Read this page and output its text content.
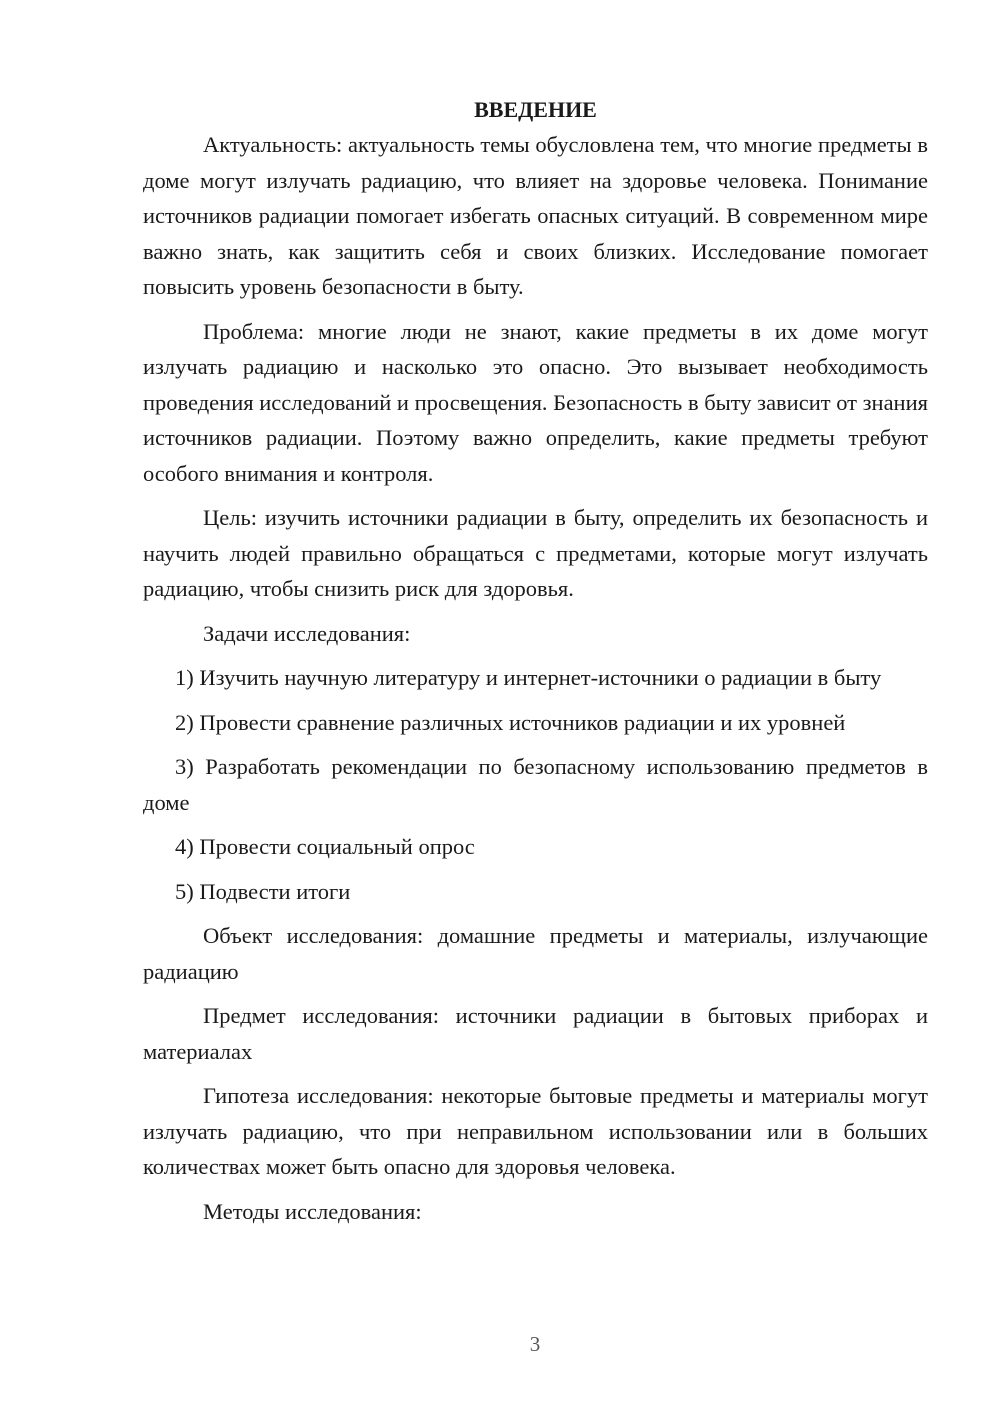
ВВЕДЕНИЕ

Актуальность: актуальность темы обусловлена тем, что многие предметы в доме могут излучать радиацию, что влияет на здоровье человека. Понимание источников радиации помогает избегать опасных ситуаций. В современном мире важно знать, как защитить себя и своих близких. Исследование помогает повысить уровень безопасности в быту.

Проблема: многие люди не знают, какие предметы в их доме могут излучать радиацию и насколько это опасно. Это вызывает необходимость проведения исследований и просвещения. Безопасность в быту зависит от знания источников радиации. Поэтому важно определить, какие предметы требуют особого внимания и контроля.

Цель: изучить источники радиации в быту, определить их безопасность и научить людей правильно обращаться с предметами, которые могут излучать радиацию, чтобы снизить риск для здоровья.

Задачи исследования:

1) Изучить научную литературу и интернет-источники о радиации в быту

2) Провести сравнение различных источников радиации и их уровней

3) Разработать рекомендации по безопасному использованию предметов в доме

4) Провести социальный опрос

5) Подвести итоги

Объект исследования: домашние предметы и материалы, излучающие радиацию

Предмет исследования: источники радиации в бытовых приборах и материалах

Гипотеза исследования: некоторые бытовые предметы и материалы могут излучать радиацию, что при неправильном использовании или в больших количествах может быть опасно для здоровья человека.

Методы исследования:

3
